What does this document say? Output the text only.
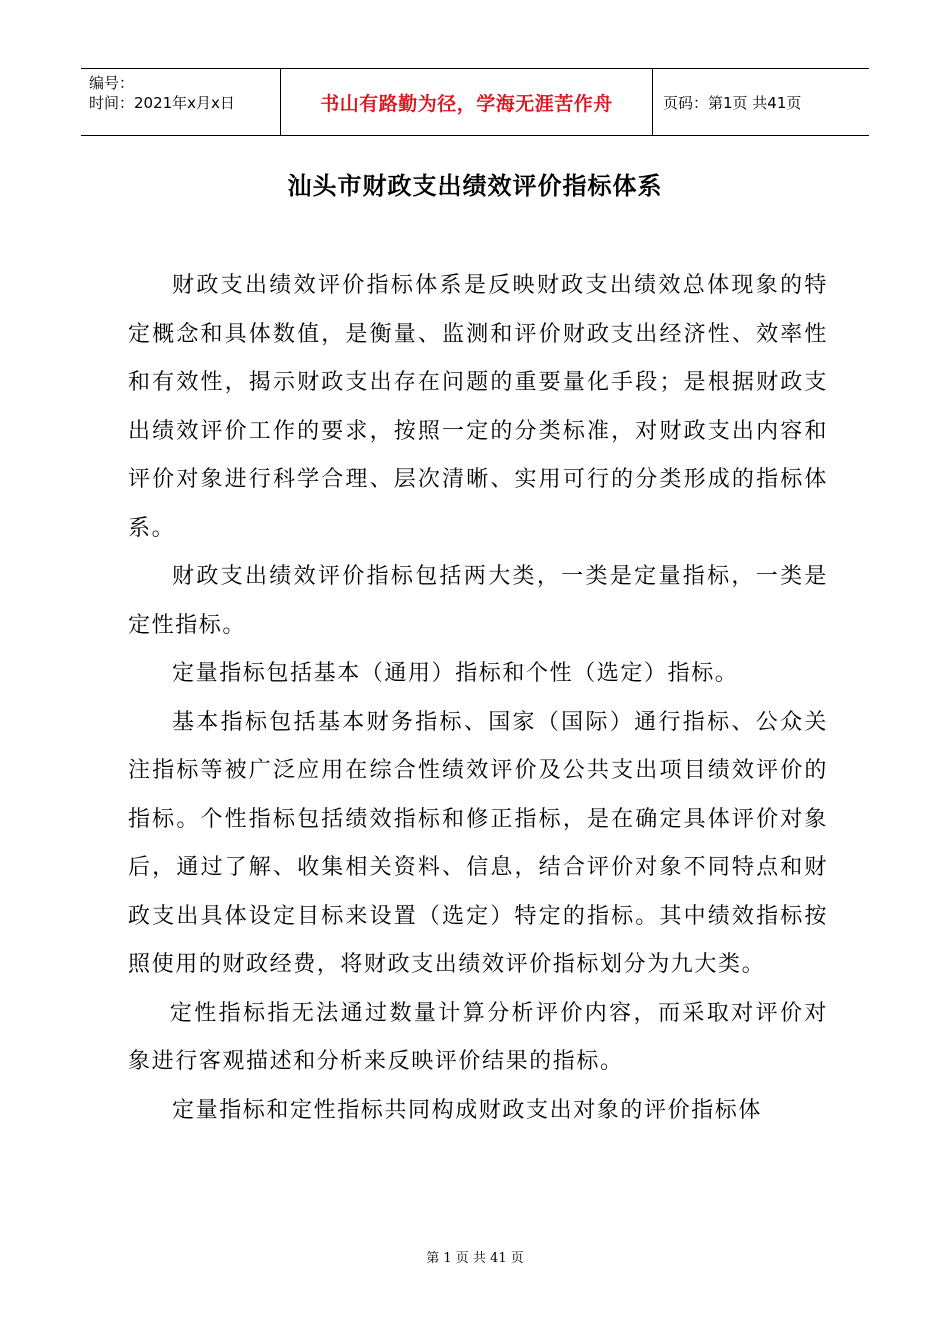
编号：
时间：2021年x月x日	书山有路勤为径，学海无涯苦作舟	页码：第1页 共41页
汕头市财政支出绩效评价指标体系

财政支出绩效评价指标体系是反映财政支出绩效总体现象的特定概念和具体数值，是衡量、监测和评价财政支出经济性、效率性和有效性，揭示财政支出存在问题的重要量化手段；是根据财政支出绩效评价工作的要求，按照一定的分类标准，对财政支出内容和评价对象进行科学合理、层次清晰、实用可行的分类形成的指标体系。

财政支出绩效评价指标包括两大类，一类是定量指标，一类是定性指标。

定量指标包括基本（通用）指标和个性（选定）指标。

基本指标包括基本财务指标、国家（国际）通行指标、公众关注指标等被广泛应用在综合性绩效评价及公共支出项目绩效评价的指标。个性指标包括绩效指标和修正指标，是在确定具体评价对象后，通过了解、收集相关资料、信息，结合评价对象不同特点和财政支出具体设定目标来设置（选定）特定的指标。其中绩效指标按照使用的财政经费，将财政支出绩效评价指标划分为九大类。

定性指标指无法通过数量计算分析评价内容，而采取对评价对象进行客观描述和分析来反映评价结果的指标。

定量指标和定性指标共同构成财政支出对象的评价指标体

第 1 页 共 41 页
